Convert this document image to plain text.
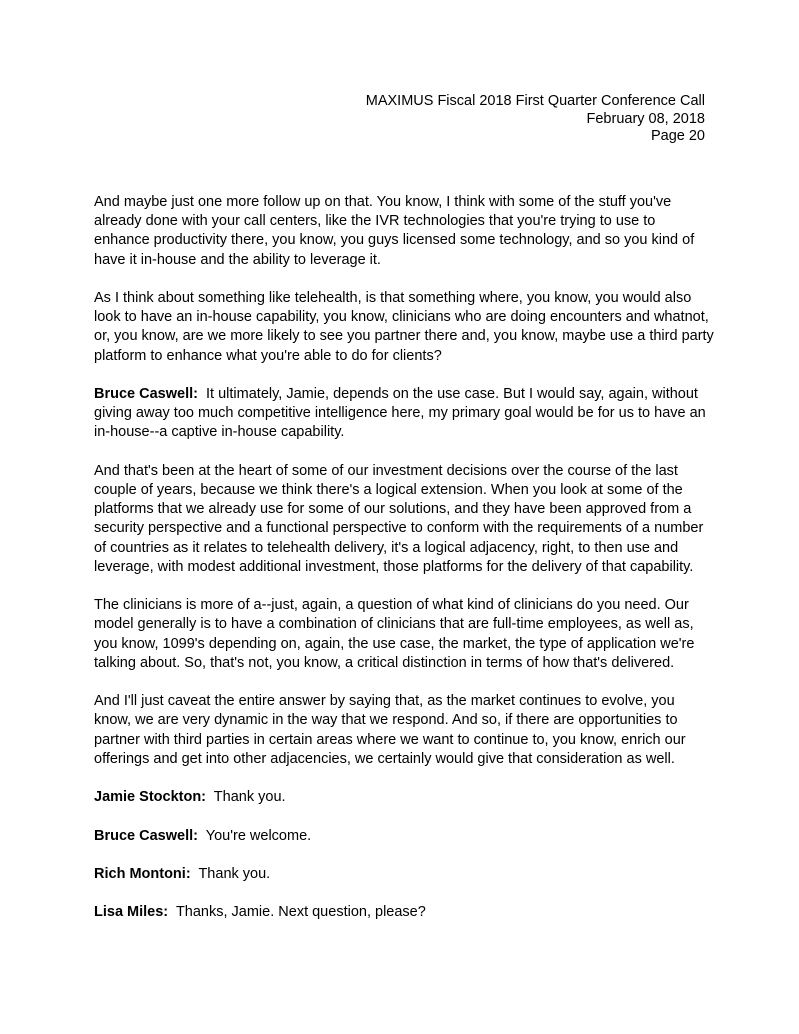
MAXIMUS Fiscal 2018 First Quarter Conference Call
February 08, 2018
Page 20

And maybe just one more follow up on that. You know, I think with some of the stuff you've already done with your call centers, like the IVR technologies that you're trying to use to enhance productivity there, you know, you guys licensed some technology, and so you kind of have it in-house and the ability to leverage it.

As I think about something like telehealth, is that something where, you know, you would also look to have an in-house capability, you know, clinicians who are doing encounters and whatnot, or, you know, are we more likely to see you partner there and, you know, maybe use a third party platform to enhance what you're able to do for clients?

Bruce Caswell: It ultimately, Jamie, depends on the use case. But I would say, again, without giving away too much competitive intelligence here, my primary goal would be for us to have an in-house--a captive in-house capability.

And that's been at the heart of some of our investment decisions over the course of the last couple of years, because we think there's a logical extension. When you look at some of the platforms that we already use for some of our solutions, and they have been approved from a security perspective and a functional perspective to conform with the requirements of a number of countries as it relates to telehealth delivery, it's a logical adjacency, right, to then use and leverage, with modest additional investment, those platforms for the delivery of that capability.

The clinicians is more of a--just, again, a question of what kind of clinicians do you need. Our model generally is to have a combination of clinicians that are full-time employees, as well as, you know, 1099's depending on, again, the use case, the market, the type of application we're talking about. So, that's not, you know, a critical distinction in terms of how that's delivered.

And I'll just caveat the entire answer by saying that, as the market continues to evolve, you know, we are very dynamic in the way that we respond. And so, if there are opportunities to partner with third parties in certain areas where we want to continue to, you know, enrich our offerings and get into other adjacencies, we certainly would give that consideration as well.

Jamie Stockton: Thank you.

Bruce Caswell: You're welcome.

Rich Montoni: Thank you.

Lisa Miles: Thanks, Jamie. Next question, please?
